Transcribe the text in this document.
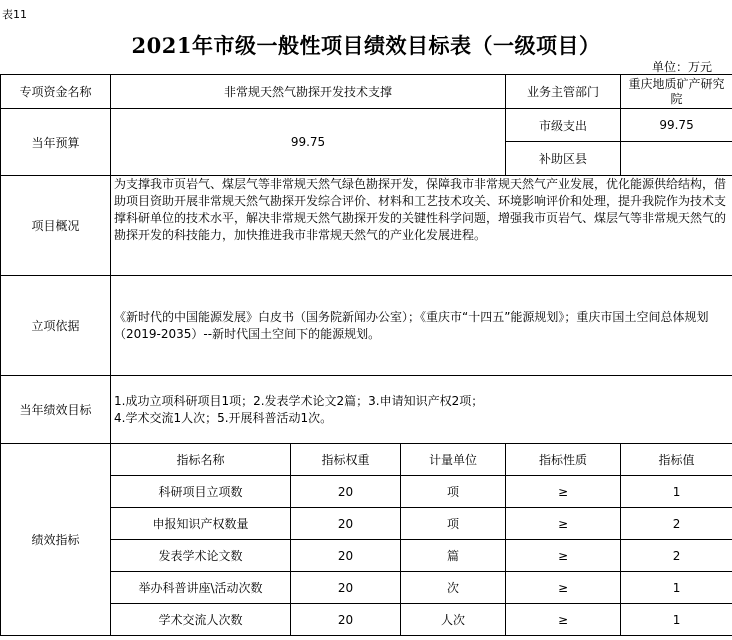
表11
2021年市级一般性项目绩效目标表（一级项目）
单位：万元
专项资金名称	非常规天然气勘探开发技术支撑			业务主管部门	重庆地质矿产研究院
当年预算	99.75			市级支出	99.75
				补助区县	
项目概况	为支撑我市页岩气、煤层气等非常规天然气绿色勘探开发，保障我市非常规天然气产业发展，优化能源供给结构，借助项目资助开展非常规天然气勘探开发综合评价、材料和工艺技术攻关、环境影响评价和处理，提升我院作为技术支撑科研单位的技术水平，解决非常规天然气勘探开发的关键性科学问题，增强我市页岩气、煤层气等非常规天然气的勘探开发的科技能力，加快推进我市非常规天然气的产业化发展进程。				
立项依据	《新时代的中国能源发展》白皮书（国务院新闻办公室）；《重庆市“十四五”能源规划》；重庆市国土空间总体规划（2019-2035）--新时代国土空间下的能源规划。				
当年绩效目标	1.成功立项科研项目1项；2.发表学术论文2篇；3.申请知识产权2项；
4.学术交流1人次；5.开展科普活动1次。				

绩效指标	指标名称	指标权重	计量单位	指标性质	指标值
	科研项目立项数	20	项	≥	1
	申报知识产权数量	20	项	≥	2
	发表学术论文数	20	篇	≥	2
	举办科普讲座\活动次数	20	次	≥	1
	学术交流人次数	20	人次	≥	1
